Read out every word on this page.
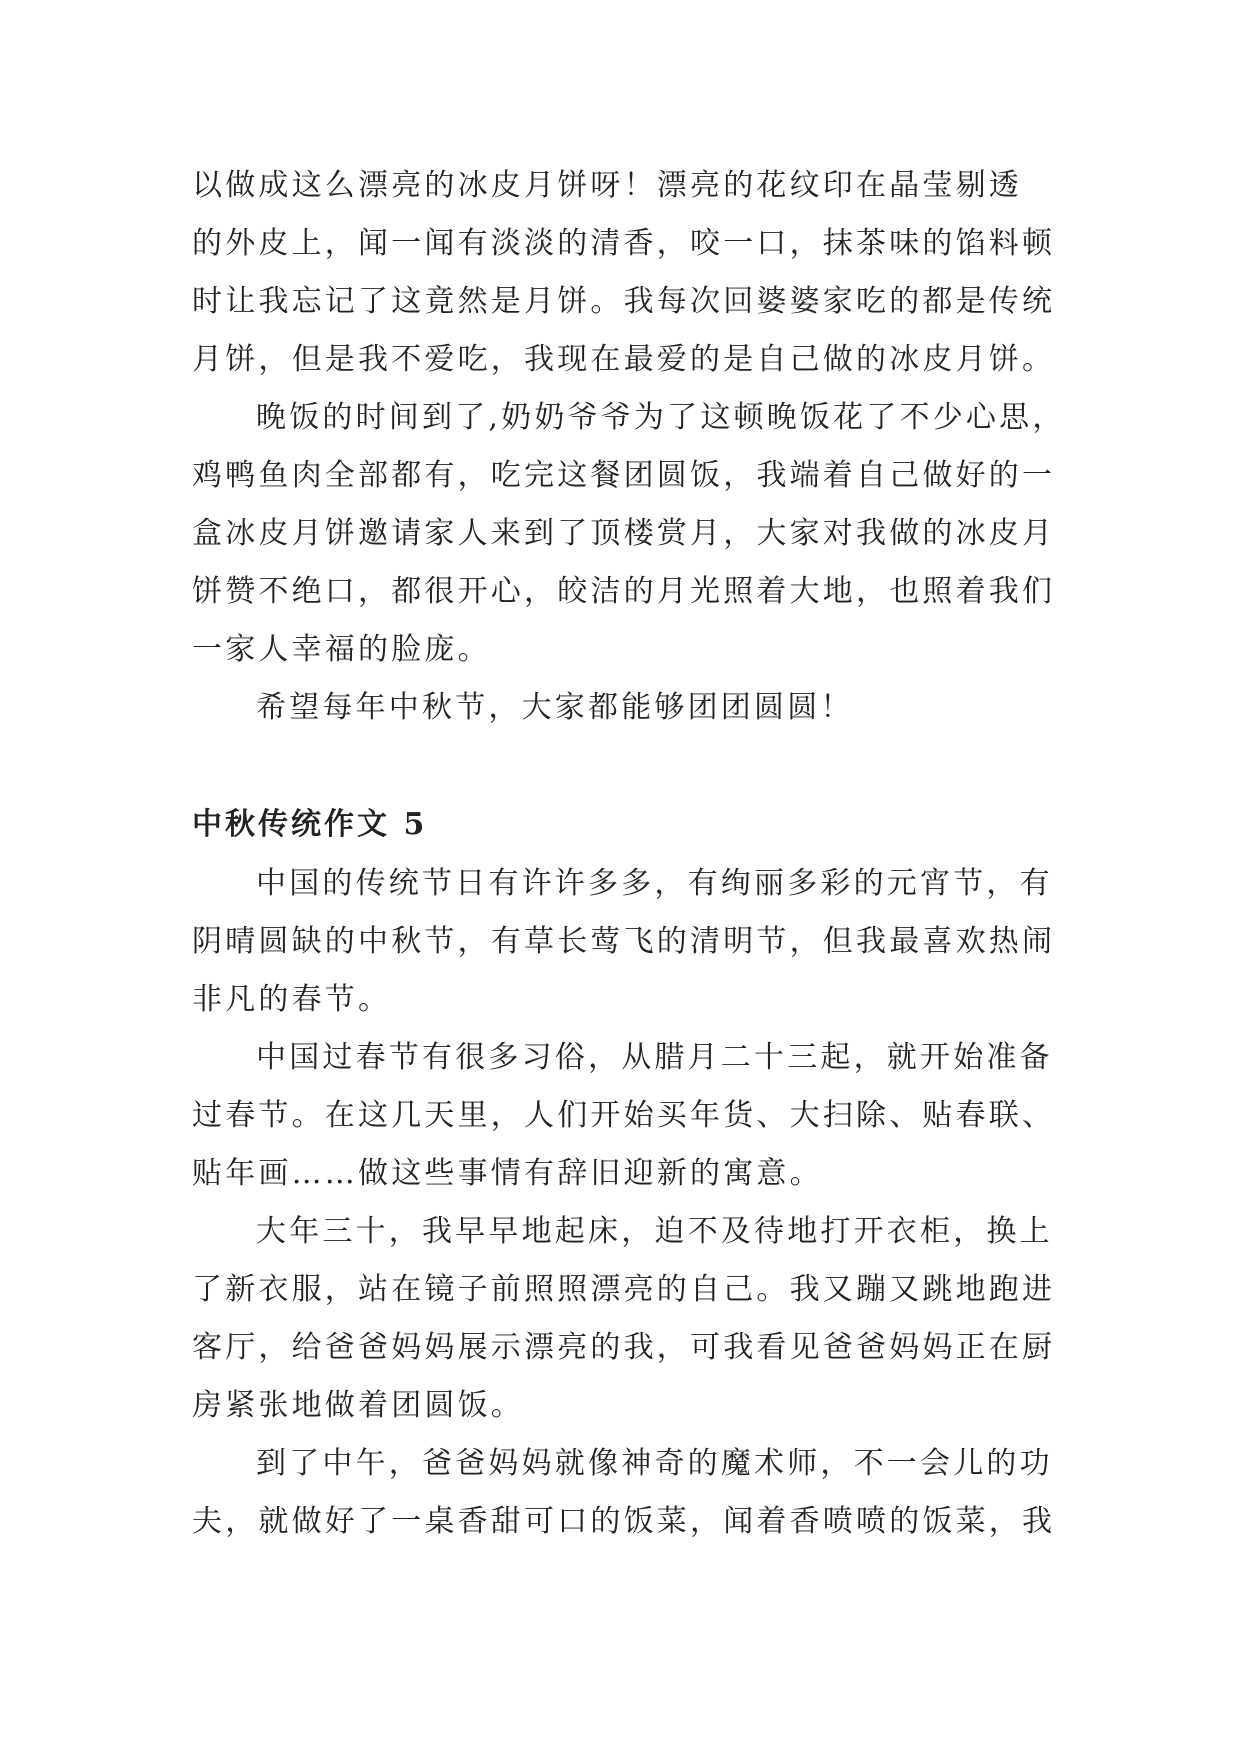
以做成这么漂亮的冰皮月饼呀！漂亮的花纹印在晶莹剔透
的外皮上，闻一闻有淡淡的清香，咬一口，抹茶味的馅料顿
时让我忘记了这竟然是月饼。我每次回婆婆家吃的都是传统
月饼，但是我不爱吃，我现在最爱的是自己做的冰皮月饼。

晚饭的时间到了,奶奶爷爷为了这顿晚饭花了不少心思，
鸡鸭鱼肉全部都有，吃完这餐团圆饭，我端着自己做好的一
盒冰皮月饼邀请家人来到了顶楼赏月，大家对我做的冰皮月
饼赞不绝口，都很开心，皎洁的月光照着大地，也照着我们
一家人幸福的脸庞。

希望每年中秋节，大家都能够团团圆圆！

中秋传统作文 5

中国的传统节日有许许多多，有绚丽多彩的元宵节，有
阴晴圆缺的中秋节，有草长莺飞的清明节，但我最喜欢热闹
非凡的春节。

中国过春节有很多习俗，从腊月二十三起，就开始准备
过春节。在这几天里，人们开始买年货、大扫除、贴春联、
贴年画……做这些事情有辞旧迎新的寓意。

大年三十，我早早地起床，迫不及待地打开衣柜，换上
了新衣服，站在镜子前照照漂亮的自己。我又蹦又跳地跑进
客厅，给爸爸妈妈展示漂亮的我，可我看见爸爸妈妈正在厨
房紧张地做着团圆饭。

到了中午，爸爸妈妈就像神奇的魔术师，不一会儿的功
夫，就做好了一桌香甜可口的饭菜，闻着香喷喷的饭菜，我
